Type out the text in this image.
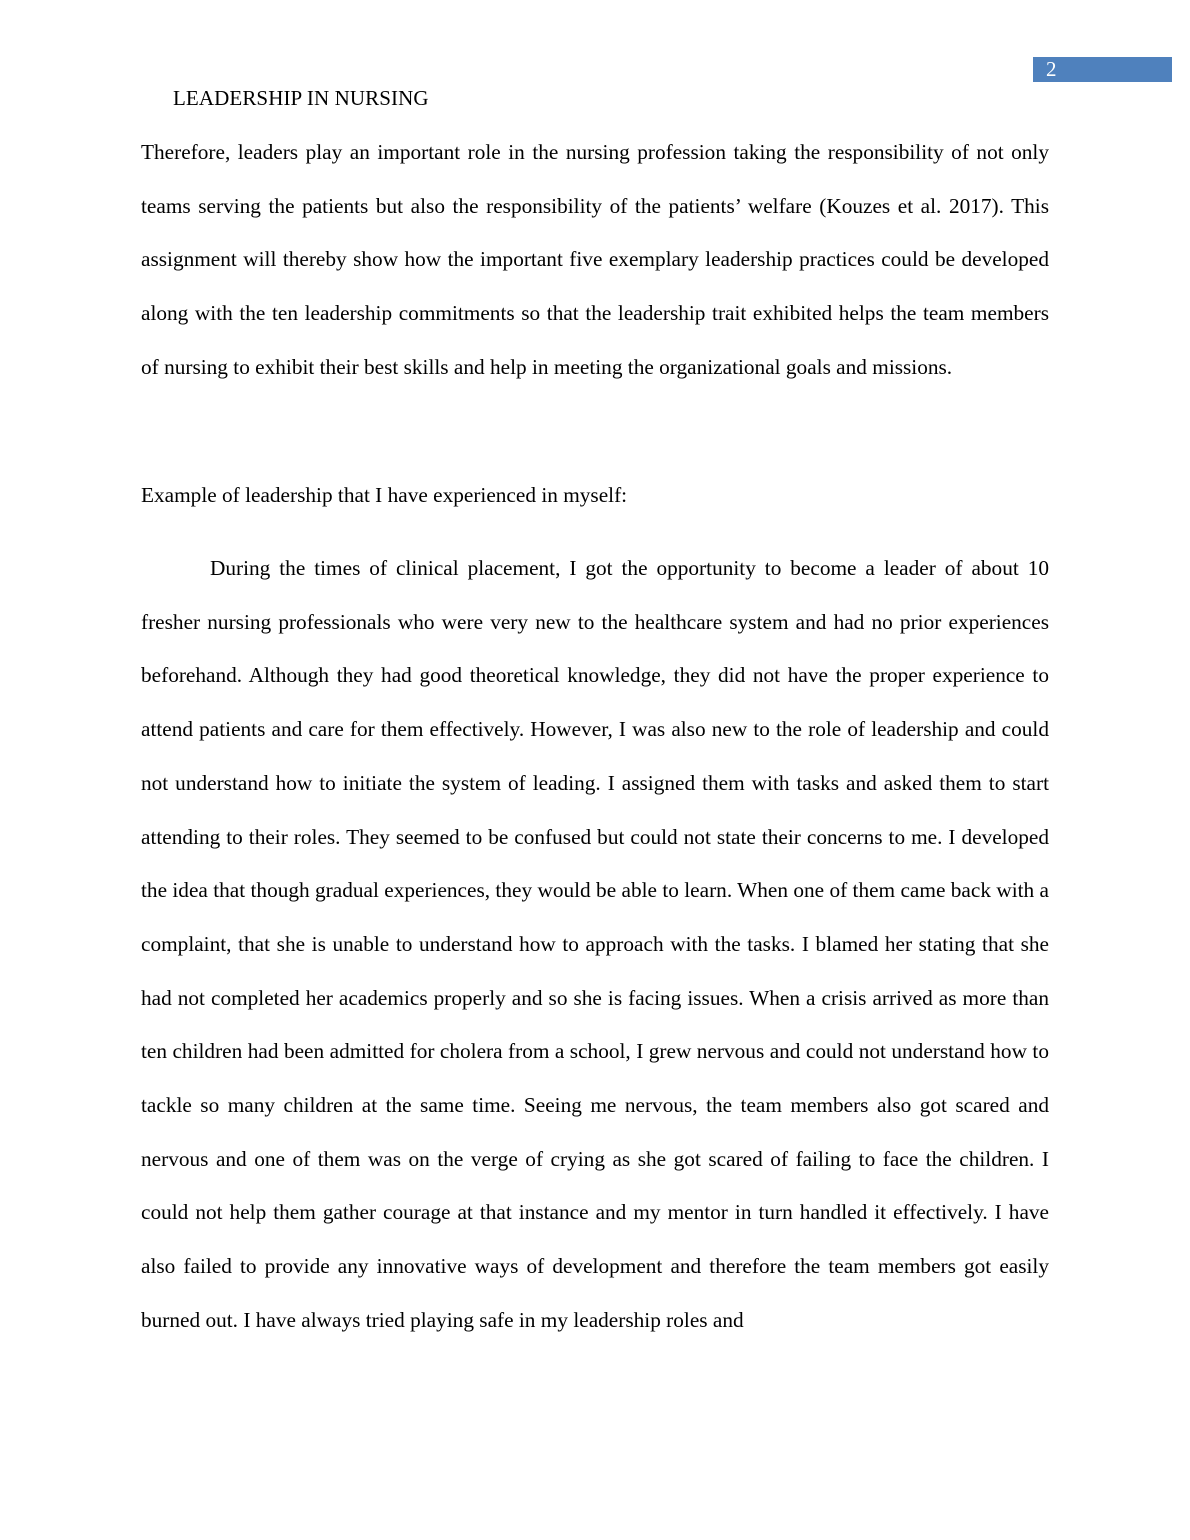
2
LEADERSHIP IN NURSING

Therefore, leaders play an important role in the nursing profession taking the responsibility of not only teams serving the patients but also the responsibility of the patients’ welfare (Kouzes et al. 2017). This assignment will thereby show how the important five exemplary leadership practices could be developed along with the ten leadership commitments so that the leadership trait exhibited helps the team members of nursing to exhibit their best skills and help in meeting the organizational goals and missions.

Example of leadership that I have experienced in myself:

During the times of clinical placement, I got the opportunity to become a leader of about 10 fresher nursing professionals who were very new to the healthcare system and had no prior experiences beforehand. Although they had good theoretical knowledge, they did not have the proper experience to attend patients and care for them effectively. However, I was also new to the role of leadership and could not understand how to initiate the system of leading. I assigned them with tasks and asked them to start attending to their roles. They seemed to be confused but could not state their concerns to me. I developed the idea that though gradual experiences, they would be able to learn. When one of them came back with a complaint, that she is unable to understand how to approach with the tasks. I blamed her stating that she had not completed her academics properly and so she is facing issues. When a crisis arrived as more than ten children had been admitted for cholera from a school, I grew nervous and could not understand how to tackle so many children at the same time. Seeing me nervous, the team members also got scared and nervous and one of them was on the verge of crying as she got scared of failing to face the children. I could not help them gather courage at that instance and my mentor in turn handled it effectively. I have also failed to provide any innovative ways of development and therefore the team members got easily burned out. I have always tried playing safe in my leadership roles and
